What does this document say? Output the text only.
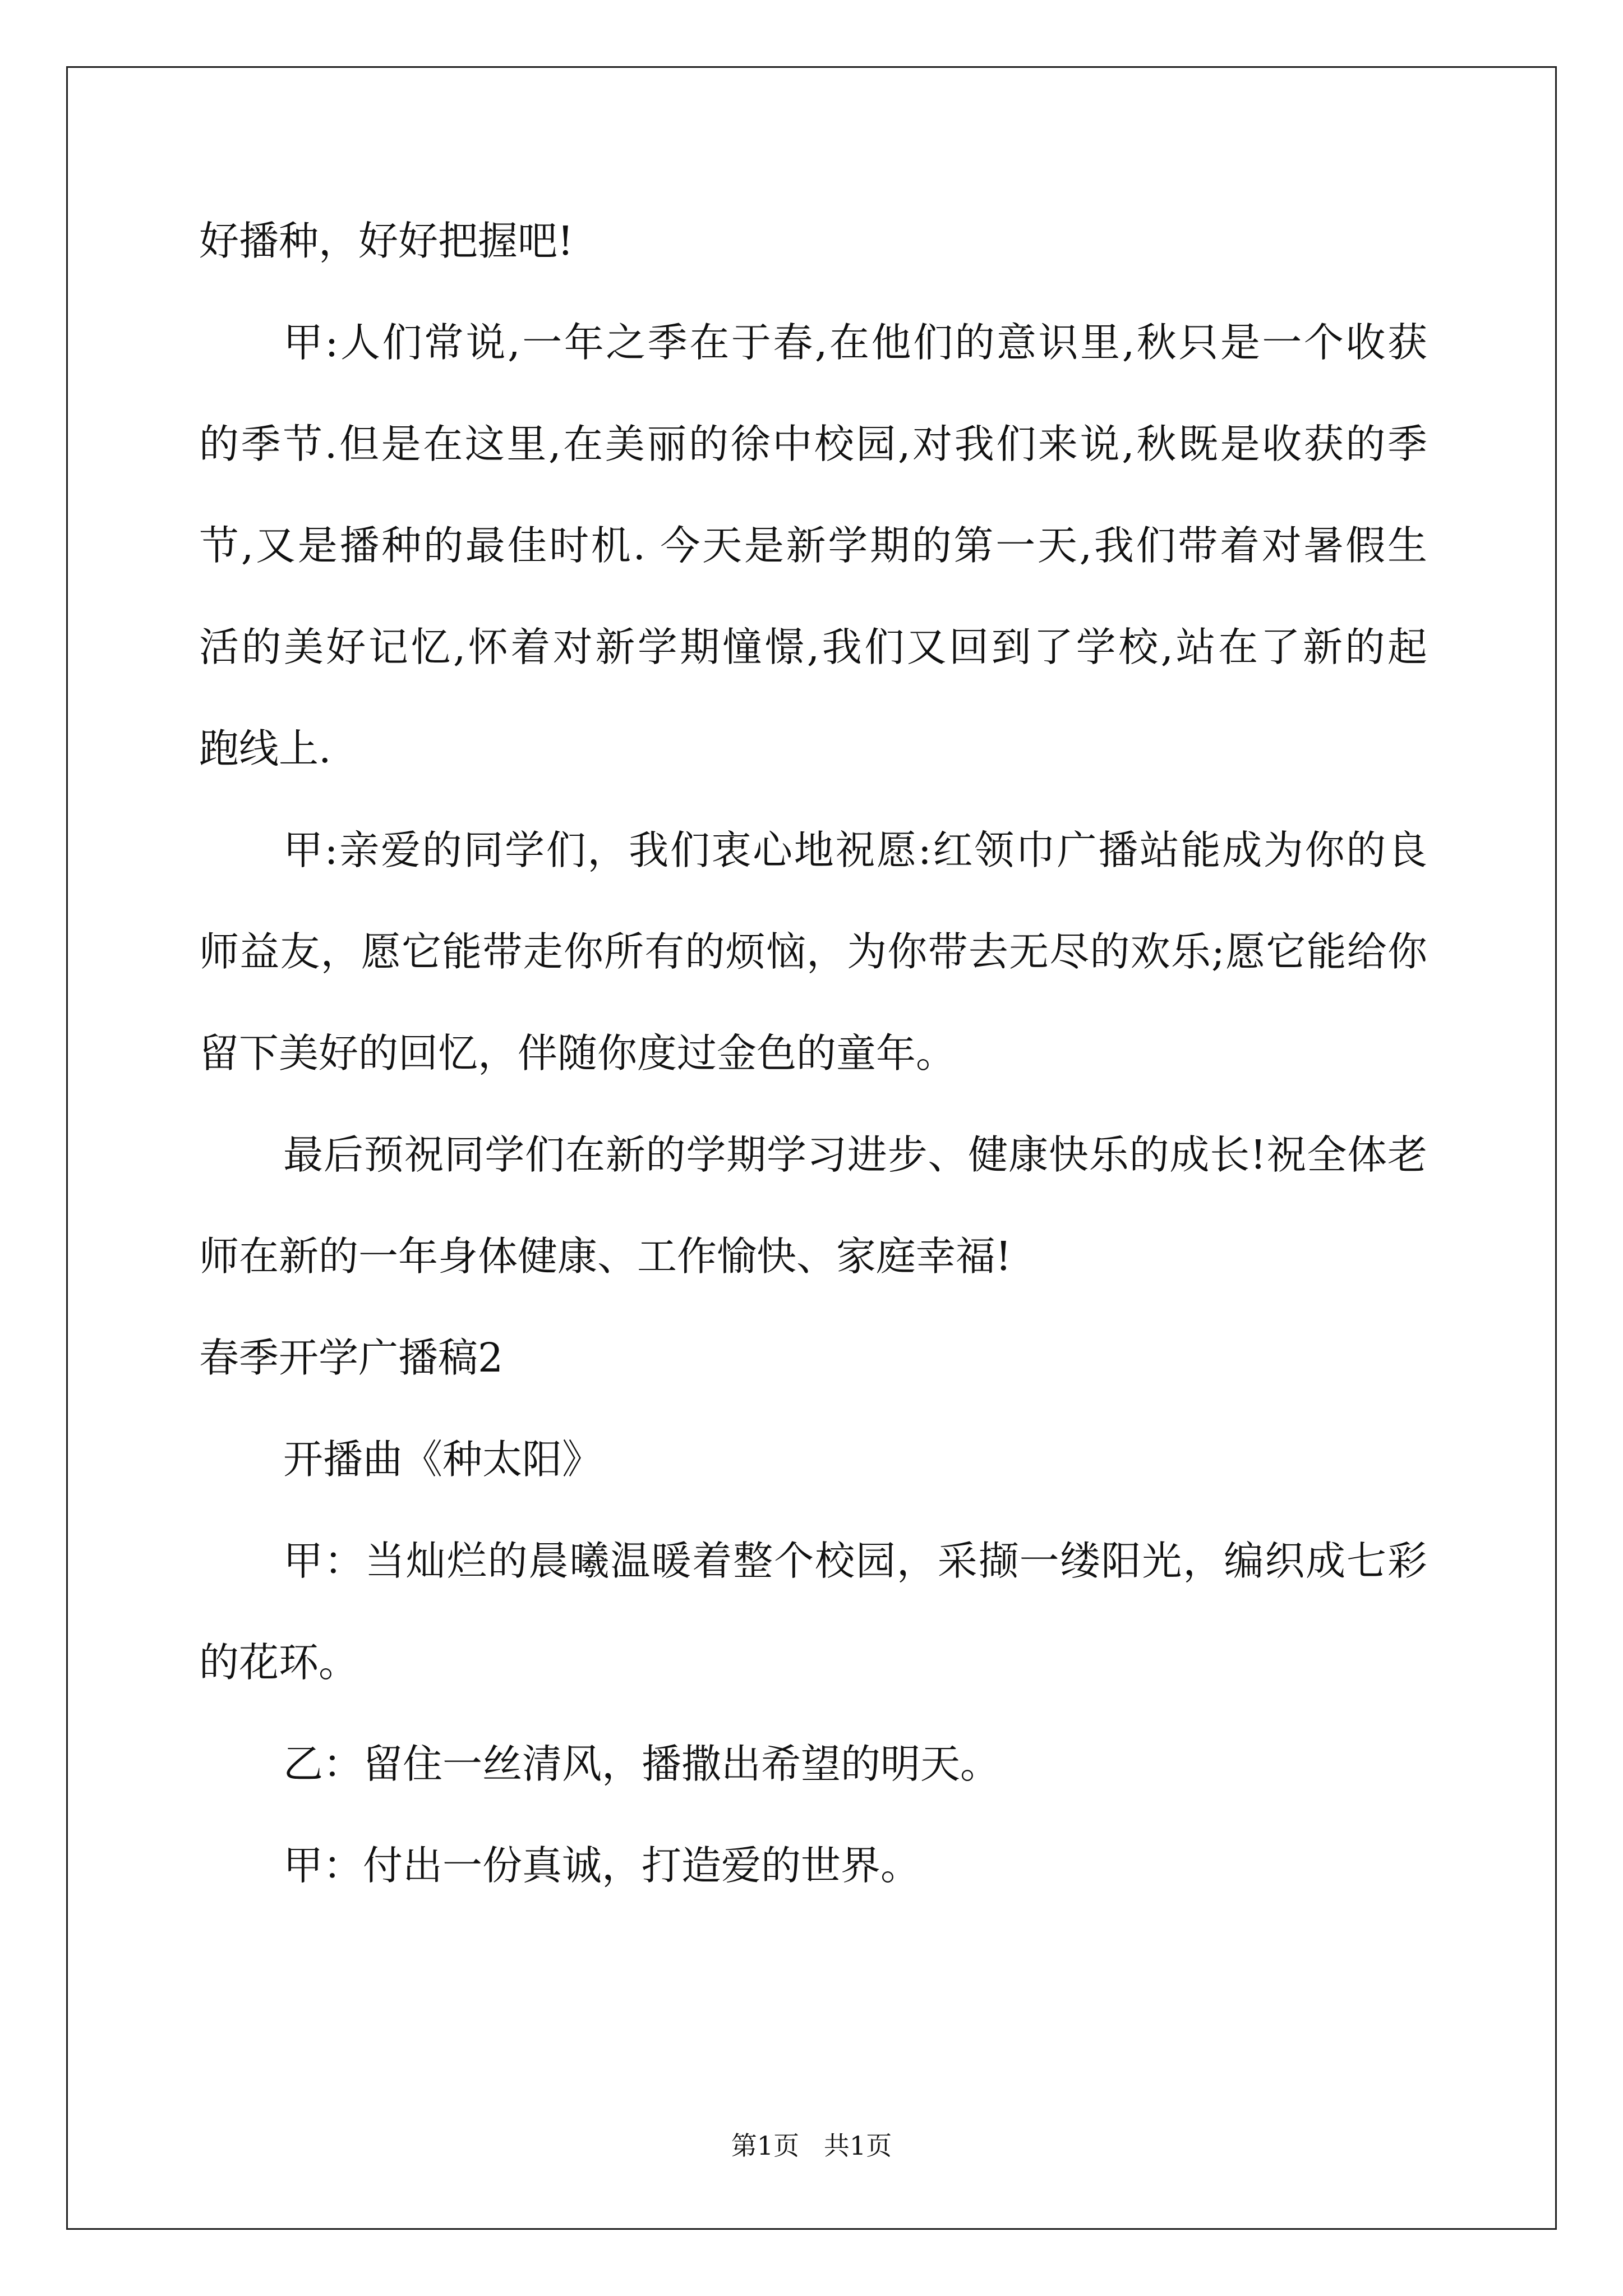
好播种，好好把握吧!
甲:人们常说,一年之季在于春,在他们的意识里,秋只是一个收获
的季节.但是在这里,在美丽的徐中校园,对我们来说,秋既是收获的季
节,又是播种的最佳时机. 今天是新学期的第一天,我们带着对暑假生
活的美好记忆,怀着对新学期憧憬,我们又回到了学校,站在了新的起
跑线上.
甲:亲爱的同学们，我们衷心地祝愿:红领巾广播站能成为你的良
师益友，愿它能带走你所有的烦恼，为你带去无尽的欢乐;愿它能给你
留下美好的回忆，伴随你度过金色的童年。
最后预祝同学们在新的学期学习进步、健康快乐的成长!祝全体老
师在新的一年身体健康、工作愉快、家庭幸福!
春季开学广播稿2
开播曲《种太阳》
甲：当灿烂的晨曦温暖着整个校园，采撷一缕阳光，编织成七彩
的花环。
乙：留住一丝清风，播撒出希望的明天。
甲：付出一份真诚，打造爱的世界。
第1页   共1页
